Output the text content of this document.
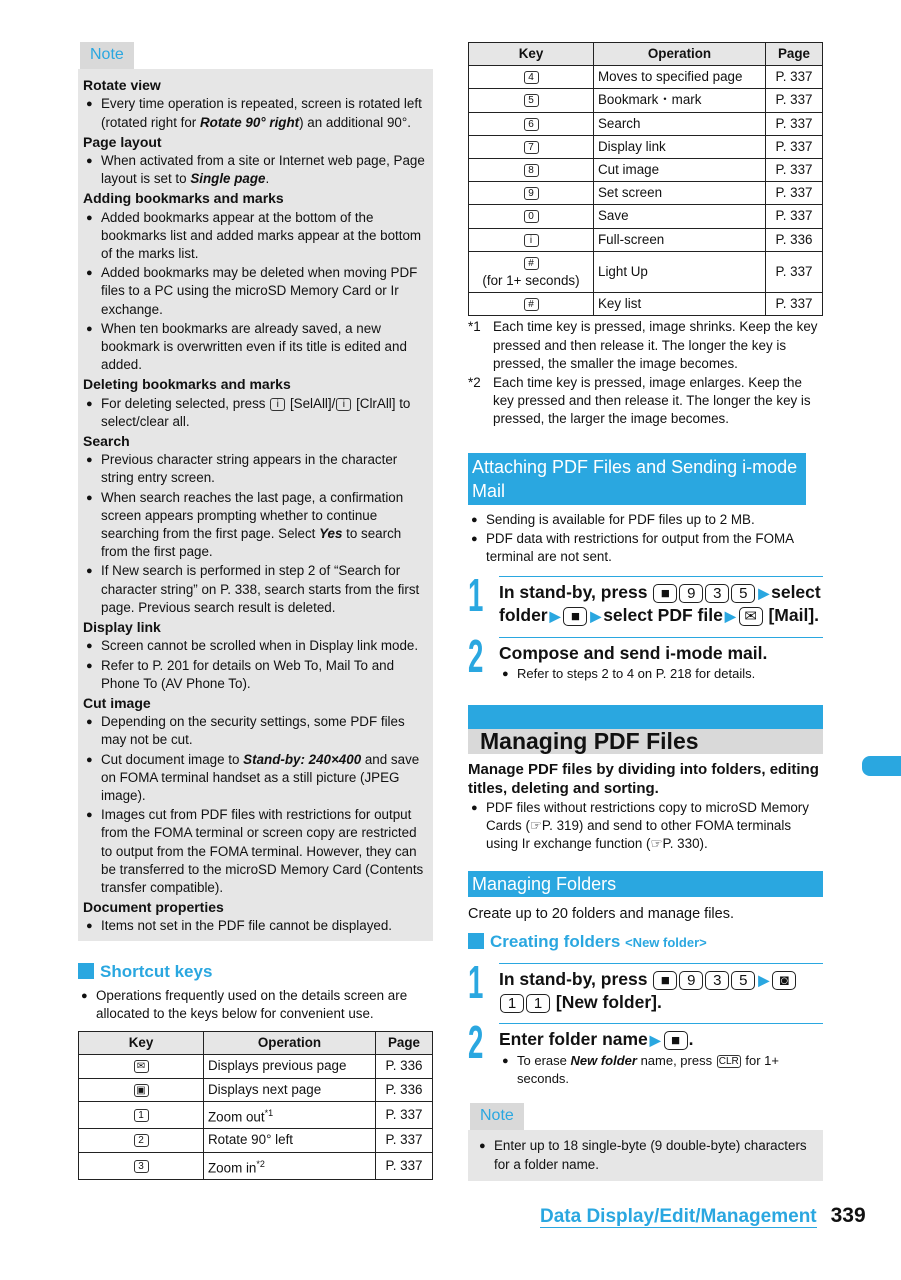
Note
Rotate view
● Every time operation is repeated, screen is rotated left (rotated right for Rotate 90° right) an additional 90°.
Page layout
● When activated from a site or Internet web page, Page layout is set to Single page.
Adding bookmarks and marks
● Added bookmarks appear at the bottom of the bookmarks list and added marks appear at the bottom of the marks list.
● Added bookmarks may be deleted when moving PDF files to a PC using the microSD Memory Card or Ir exchange.
● When ten bookmarks are already saved, a new bookmark is overwritten even if its title is edited and added.
Deleting bookmarks and marks
● For deleting selected, press i [SelAll]/ i [ClrAll] to select/clear all.
Search
● Previous character string appears in the character string entry screen.
● When search reaches the last page, a confirmation screen appears prompting whether to continue searching from the first page. Select Yes to search from the first page.
● If New search is performed in step 2 of “Search for character string” on P. 338, search starts from the first page. Previous search result is deleted.
Display link
● Screen cannot be scrolled when in Display link mode.
● Refer to P. 201 for details on Web To, Mail To and Phone To (AV Phone To).
Cut image
● Depending on the security settings, some PDF files may not be cut.
● Cut document image to Stand-by: 240×400 and save on FOMA terminal handset as a still picture (JPEG image).
● Images cut from PDF files with restrictions for output from the FOMA terminal or screen copy are restricted to output from the FOMA terminal. However, they can be transferred to the microSD Memory Card (Contents transfer compatible).
Document properties
● Items not set in the PDF file cannot be displayed.
Shortcut keys
● Operations frequently used on the details screen are allocated to the keys below for convenient use.
Key	Operation	Page
✉	Displays previous page	P. 336
▣	Displays next page	P. 336
1	Zoom out$^{*1}$	P. 337
2	Rotate 90° left	P. 337
3	Zoom $in^{*2}$	P. 337
Key	Operation	Page
4	Moves to specified page	P. 337
5	Bookmark・mark	P. 337
6	Search	P. 337
7	Display link	P. 337
8	Cut image	P. 337
9	Set screen	P. 337
0	Save	P. 337
i	Full-screen	P. 336
#
(for 1+ seconds)	Light Up	P. 337
#	Key list	P. 337
*1 Each time key is pressed, image shrinks. Keep the key pressed and then release it. The longer the key is pressed, the smaller the image becomes.
*2 Each time key is pressed, image enlarges. Keep the key pressed and then release it. The longer the key is pressed, the larger the image becomes.
Attaching PDF Files and Sending i-mode Mail
● Sending is available for PDF files up to 2 MB.
● PDF data with restrictions for output from the FOMA terminal are not sent.
1 In stand-by, press ■ 9 3 5 ▶ select folder ▶ ■ ▶ select PDF file ▶ ✉ [Mail].
2 Compose and send i-mode mail.
● Refer to steps 2 to 4 on P. 218 for details.
Managing PDF Files
Manage PDF files by dividing into folders, editing titles, deleting and sorting.
● PDF files without restrictions copy to microSD Memory Cards (☞P. 319) and send to other FOMA terminals using Ir exchange function (☞P. 330).
Managing Folders
Create up to 20 folders and manage files.
Creating folders <New folder>
1 In stand-by, press ■ 9 3 5 ▶ ◙1 1 [New folder].
2 Enter folder name ▶ ■ .
● To erase New folder name, press CLR for 1+ seconds.
Note
● Enter up to 18 single-byte (9 double-byte) characters for a folder name.
Data Display/Edit/Management 339
